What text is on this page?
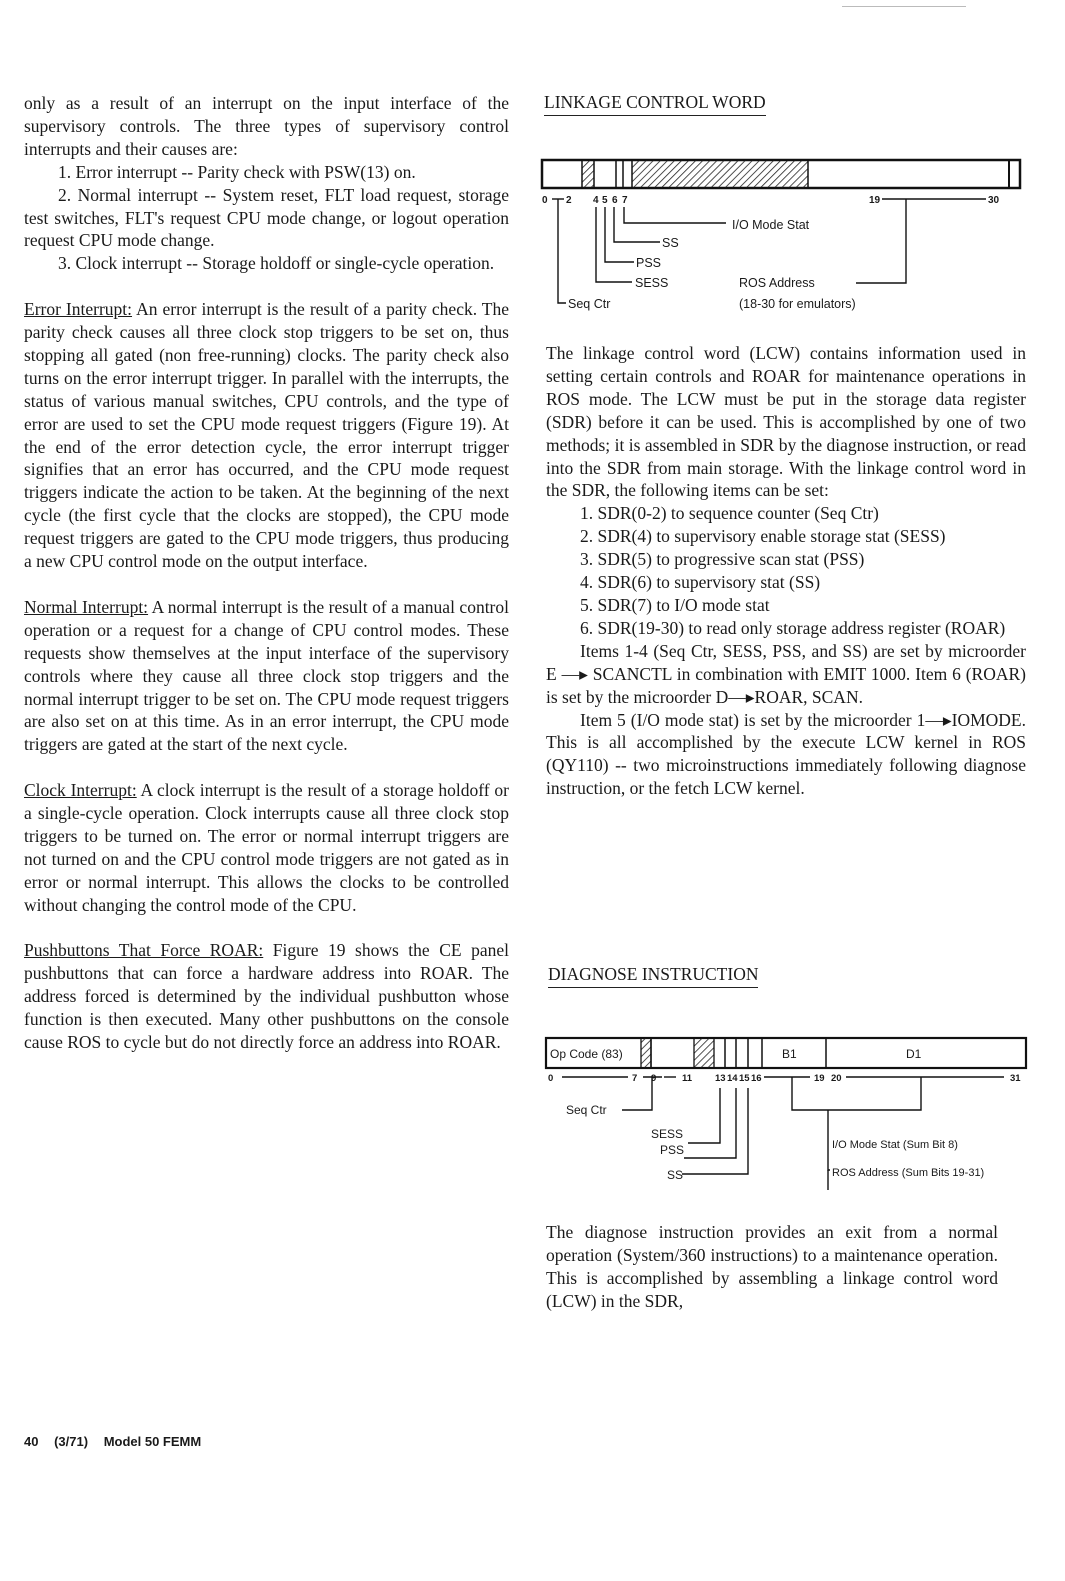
only as a result of an interrupt on the input interface of the supervisory controls. The three types of supervisory control interrupts and their causes are:

1. Error interrupt -- Parity check with PSW(13) on.

2. Normal interrupt -- System reset, FLT load request, storage test switches, FLT's request CPU mode change, or logout operation request CPU mode change.

3. Clock interrupt -- Storage holdoff or single-cycle operation.

Error Interrupt: An error interrupt is the result of a parity check. The parity check causes all three clock stop triggers to be set on, thus stopping all gated (non free-running) clocks. The parity check also turns on the error interrupt trigger. In parallel with the interrupts, the status of various manual switches, CPU controls, and the type of error are used to set the CPU mode request triggers (Figure 19). At the end of the error detection cycle, the error interrupt trigger signifies that an error has occurred, and the CPU mode request triggers indicate the action to be taken. At the beginning of the next cycle (the first cycle that the clocks are stopped), the CPU mode request triggers are gated to the CPU mode triggers, thus producing a new CPU control mode on the output interface.

Normal Interrupt: A normal interrupt is the result of a manual control operation or a request for a change of CPU control modes. These requests show themselves at the input interface of the supervisory controls where they cause all three clock stop triggers and the normal interrupt trigger to be set on. The CPU mode request triggers are also set on at this time. As in an error interrupt, the CPU mode triggers are gated at the start of the next cycle.

Clock Interrupt: A clock interrupt is the result of a storage holdoff or a single-cycle operation. Clock interrupts cause all three clock stop triggers to be turned on. The error or normal interrupt triggers are not turned on and the CPU control mode triggers are not gated as in error or normal interrupt. This allows the clocks to be controlled without changing the control mode of the CPU.

Pushbuttons That Force ROAR: Figure 19 shows the CE panel pushbuttons that can force a hardware address into ROAR. The address forced is determined by the individual pushbutton whose function is then executed. Many other pushbuttons on the console cause ROS to cycle but do not directly force an address into ROAR.

LINKAGE CONTROL WORD
0 2 4 5 6 7	19	30
I/O Mode Stat
SS
PSS
SESS
Seq Ctr
ROS Address
(18-30 for emulators)

The linkage control word (LCW) contains information used in setting certain controls and ROAR for maintenance operations in ROS mode. The LCW must be put in the storage data register (SDR) before it can be used. This is accomplished by one of two methods; it is assembled in SDR by the diagnose instruction, or read into the SDR from main storage. With the linkage control word in the SDR, the following items can be set:

1. SDR(0-2) to sequence counter (Seq Ctr)

2. SDR(4) to supervisory enable storage stat (SESS)

3. SDR(5) to progressive scan stat (PSS)

4. SDR(6) to supervisory stat (SS)

5. SDR(7) to I/O mode stat

6. SDR(19-30) to read only storage address register (ROAR)

Items 1-4 (Seq Ctr, SESS, PSS, and SS) are set by microorder E —▸ SCANCTL in combination with EMIT 1000. Item 6 (ROAR) is set by the microorder D—▸ROAR, SCAN.

Item 5 (I/O mode stat) is set by the microorder 1—▸IOMODE. This is all accomplished by the execute LCW kernel in ROS (QY110) -- two microinstructions immediately following diagnose instruction, or the fetch LCW kernel.

DIAGNOSE INSTRUCTION
Op Code (83)	B1	D1
0	7 9	11 13 14 15 16	19 20	31
Seq Ctr
SESS
PSS
SS
I/O Mode Stat (Sum Bit 8)
ROS Address (Sum Bits 19-31)

The diagnose instruction provides an exit from a normal operation (System/360 instructions) to a maintenance operation. This is accomplished by assembling a linkage control word (LCW) in the SDR,

40 (3/71) Model 50 FEMM
